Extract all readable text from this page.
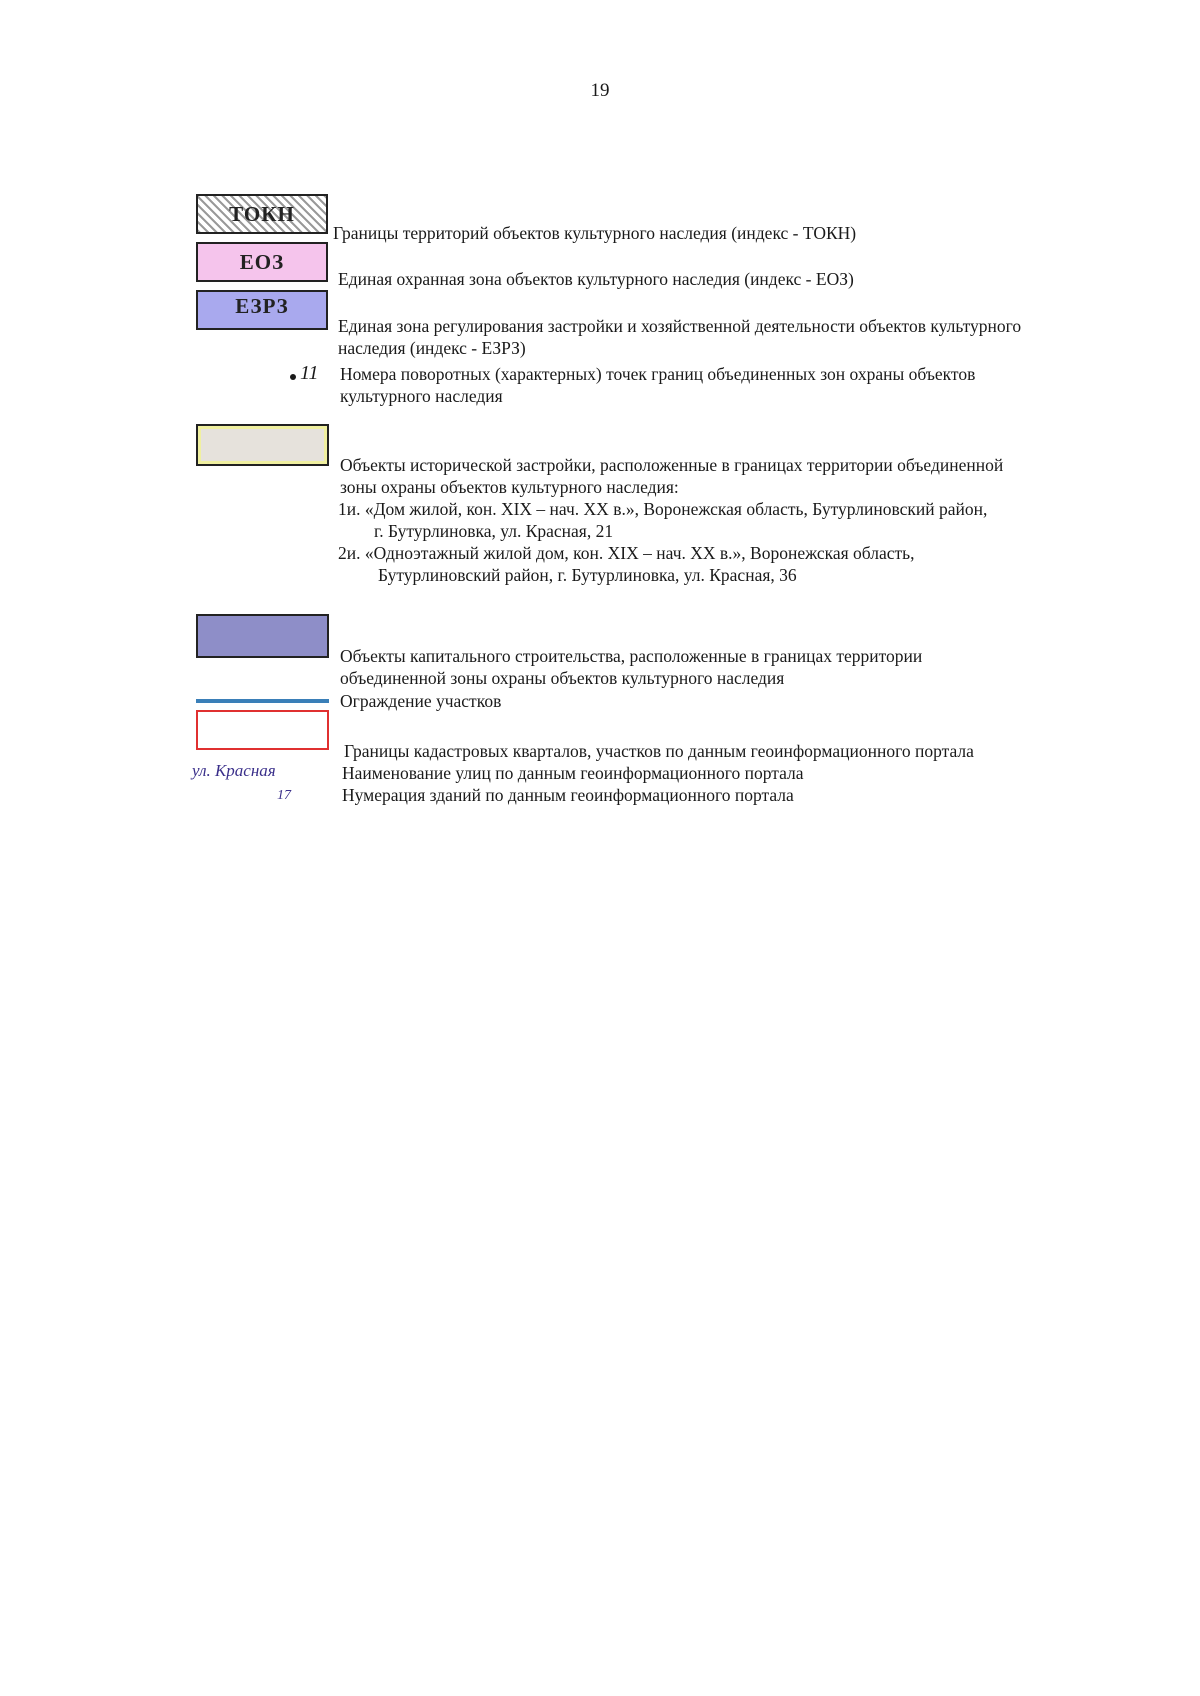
19
ТОКН
Границы территорий объектов культурного наследия (индекс - ТОКН)
ЕОЗ
Единая охранная зона объектов культурного наследия (индекс - ЕОЗ)
ЕЗРЗ
Единая зона регулирования застройки и хозяйственной деятельности объектов культурного
наследия (индекс - ЕЗРЗ)
11 Номера поворотных (характерных) точек границ объединенных зон охраны объектов
культурного наследия
Объекты исторической застройки, расположенные в границах территории объединенной
зоны охраны объектов культурного наследия:
1и. «Дом жилой, кон. XIX – нач. XX в.», Воронежская область, Бутурлиновский район,
г. Бутурлиновка, ул. Красная, 21
2и. «Одноэтажный жилой дом, кон. XIX – нач. XX в.», Воронежская область,
Бутурлиновский район, г. Бутурлиновка, ул. Красная, 36
Объекты капитального строительства, расположенные в границах территории
объединенной зоны охраны объектов культурного наследия
Ограждение участков
Границы кадастровых кварталов, участков по данным геоинформационного портала
ул. Красная	Наименование улиц по данным геоинформационного портала
17	Нумерация зданий по данным геоинформационного портала
